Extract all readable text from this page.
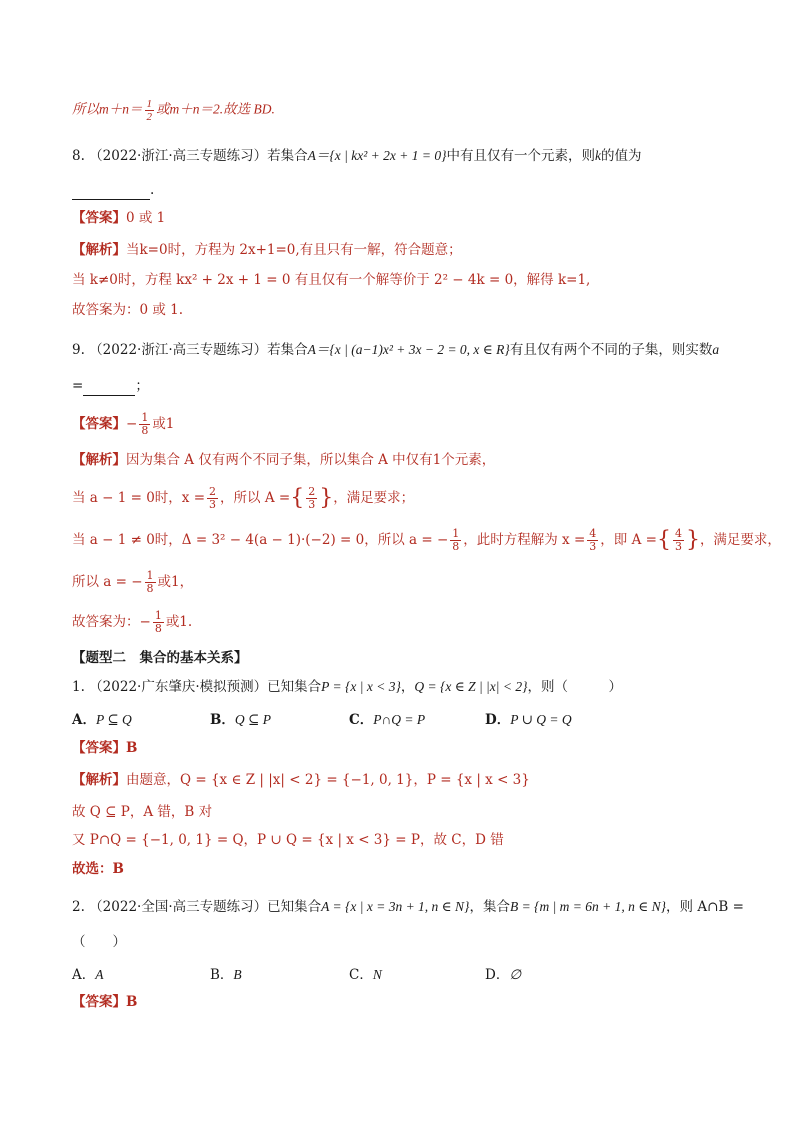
所以$m+n= \frac{1}{2}$ 或m＋n＝2.故选 BD.
8. （2022·浙江·高三专题练习）若集合A＝{x | kx² + 2x + 1 = 0}中有且仅有一个元素，则k的值为
.
【答案】0 或 1
【解析】当k=0时，方程为 2x+1=0,有且只有一解，符合题意；
当 k≠0时，方程 kx² + 2x + 1 = 0 有且仅有一个解等价于 2² − 4k = 0，解得 k=1,
故答案为：0 或 1.
9. （2022·浙江·高三专题练习）若集合A＝{x | (a−1)x² + 3x − 2 = 0, x ∈ R}有且仅有两个不同的子集，则实数a
=	；
【答案】− $\frac{1}{8}$ 或1
【解析】因为集合 A 仅有两个不同子集，所以集合 A 中仅有1个元素，
当 a − 1 = 0时，$x = \frac{2}{3}$ ，所以 A ={ $\frac{2}{3}$ }，满足要求；
当 a − 1 ≠ 0时，Δ = 3² − 4(a − 1)·(−2) = 0，所以 a = − $\frac{1}{8}$ ，此时方程解为 $x = \frac{4}{3}$ ，即 A ={ $\frac{4}{3}$ }，满足要求，
所以 a = − $\frac{1}{8}$ 或1，
故答案为：− $\frac{1}{8}$ 或1.
【题型二　集合的基本关系】
1. （2022·广东肇庆·模拟预测）已知集合P = {x | x < 3}，Q = {x ∈ Z | |x| < 2}，则（　　　）
A．P ⊆ Q	B．Q ⊆ P	C．P∩Q = P	D．P ∪ Q = Q
【答案】B
【解析】由题意，Q = {x ∈ Z | |x| < 2} = {−1, 0, 1}，P = {x | x < 3}
故 Q ⊆ P，A 错，B 对
又 P∩Q = {−1, 0, 1} = Q，P ∪ Q = {x | x < 3} = P，故 C，D 错
故选：B
2. （2022·全国·高三专题练习）已知集合A = {x | x = 3n + 1, n ∈ N}，集合B = {m | m = 6n + 1, n ∈ N}，则 A∩B =
（　　）
A．A	B．B	C．N	D．∅
【答案】B
